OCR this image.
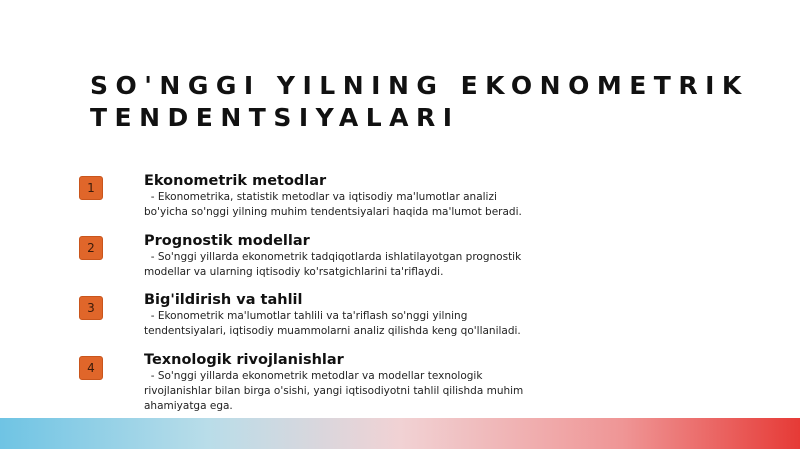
SO'NGGI YILNING EKONOMETRIK TENDENTSIYALARI
1	Ekonometrik metodlar
- Ekonometrika, statistik metodlar va iqtisodiy ma'lumotlar analizi bo'yicha so'nggi yilning muhim tendentsiyalari haqida ma'lumot beradi.
2	Prognostik modellar
- So'nggi yillarda ekonometrik tadqiqotlarda ishlatilayotgan prognostik modellar va ularning iqtisodiy ko'rsatgichlarini ta'riflaydi.
3	Big'ildirish va tahlil
- Ekonometrik ma'lumotlar tahlili va ta'riflash so'nggi yilning tendentsiyalari, iqtisodiy muammolarni analiz qilishda keng qo'llaniladi.
4	Texnologik rivojlanishlar
- So'nggi yillarda ekonometrik metodlar va modellar texnologik rivojlanishlar bilan birga o'sishi, yangi iqtisodiyotni tahlil qilishda muhim ahamiyatga ega.
